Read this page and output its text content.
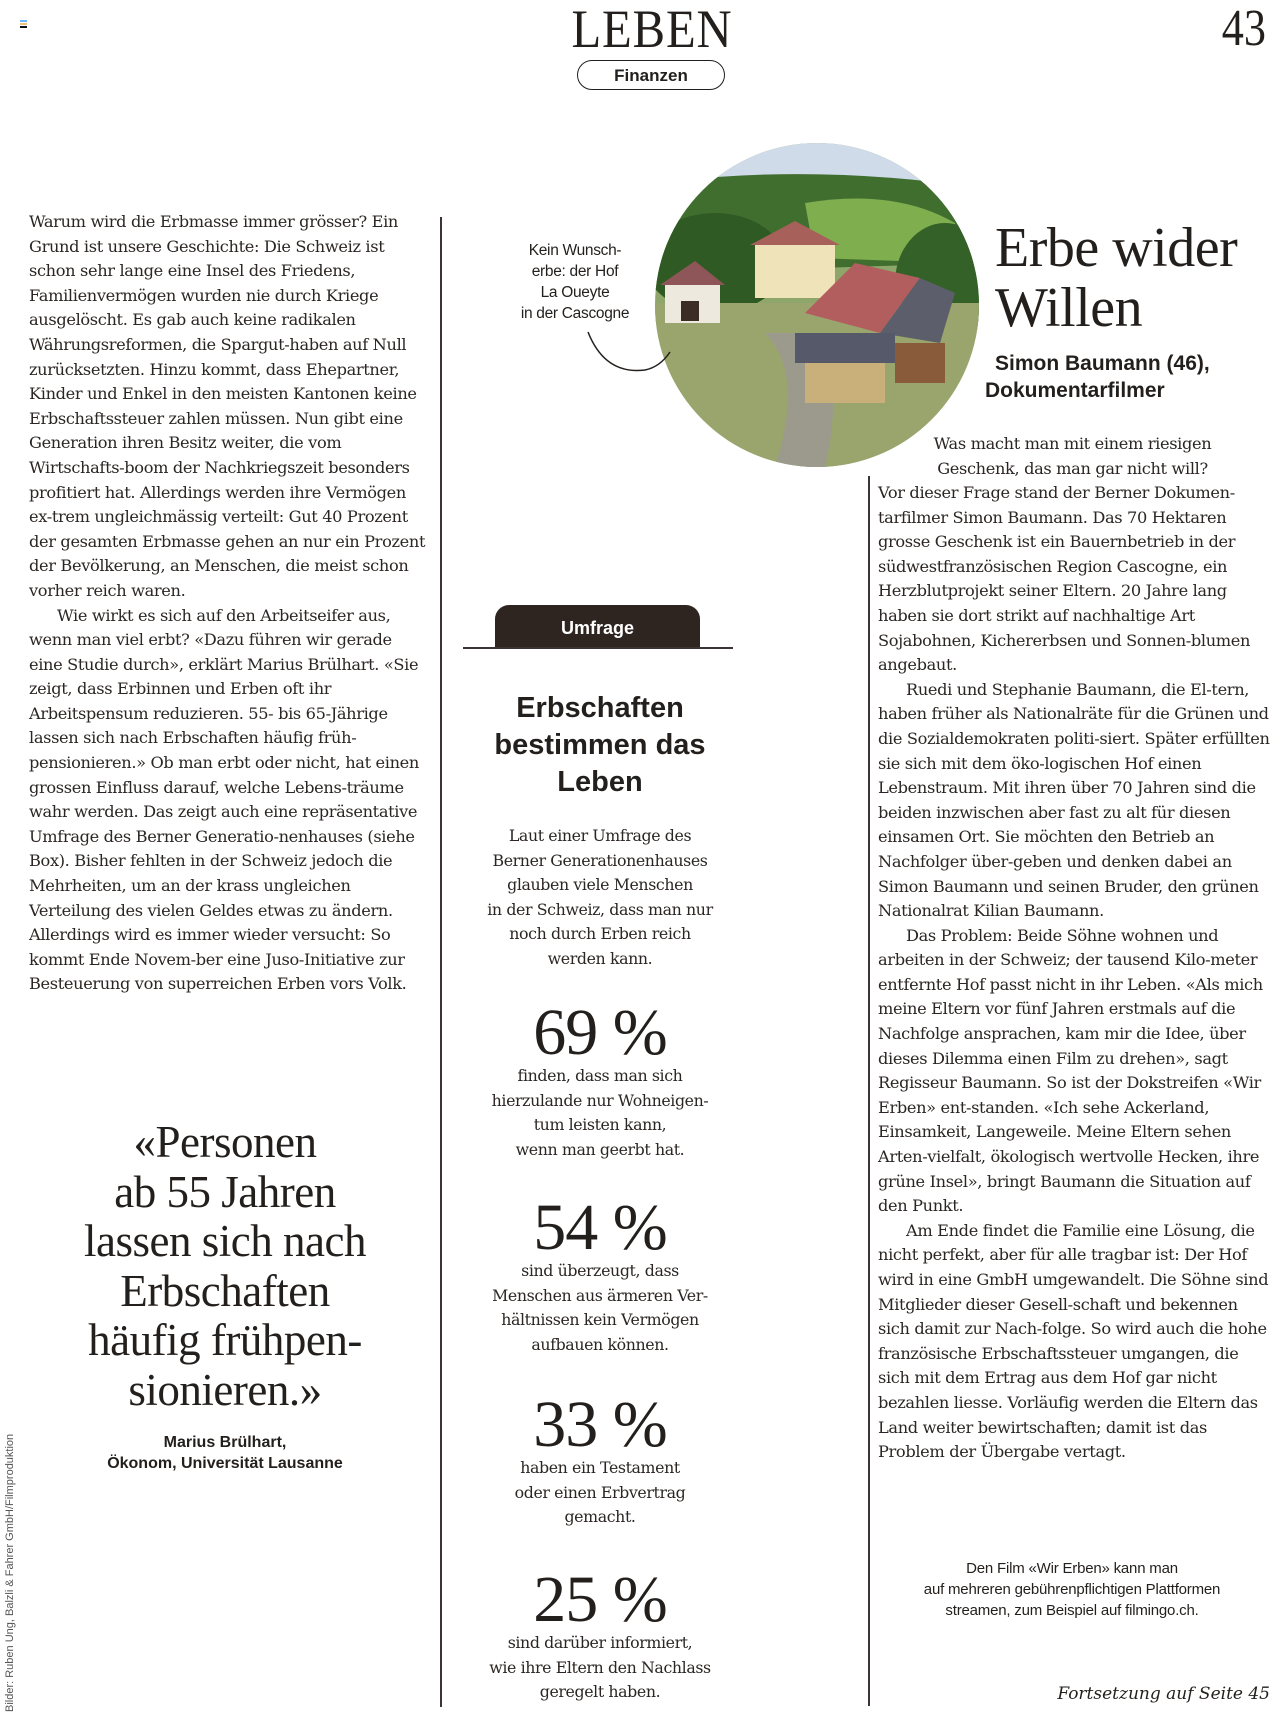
LEBEN	43
Finanzen

Warum wird die Erbmasse immer grösser? Ein Grund ist unsere Geschichte: Die Schweiz ist schon sehr lange eine Insel des Friedens, Familienvermögen wurden nie durch Kriege ausgelöscht. Es gab auch keine radikalen Währungsreformen, die Spargut-haben auf Null zurücksetzten. Hinzu kommt, dass Ehepartner, Kinder und Enkel in den meisten Kantonen keine Erbschaftssteuer zahlen müssen. Nun gibt eine Generation ihren Besitz weiter, die vom Wirtschafts-boom der Nachkriegszeit besonders profitiert hat. Allerdings werden ihre Vermögen ex-trem ungleichmässig verteilt: Gut 40 Prozent der gesamten Erbmasse gehen an nur ein Prozent der Bevölkerung, an Menschen, die meist schon vorher reich waren.

Wie wirkt es sich auf den Arbeitseifer aus, wenn man viel erbt? «Dazu führen wir gerade eine Studie durch», erklärt Marius Brülhart. «Sie zeigt, dass Erbinnen und Erben oft ihr Arbeitspensum reduzieren. 55- bis 65-Jährige lassen sich nach Erbschaften häufig früh-pensionieren.» Ob man erbt oder nicht, hat einen grossen Einfluss darauf, welche Lebens-träume wahr werden. Das zeigt auch eine repräsentative Umfrage des Berner Generatio-nenhauses (siehe Box). Bisher fehlten in der Schweiz jedoch die Mehrheiten, um an der krass ungleichen Verteilung des vielen Geldes etwas zu ändern. Allerdings wird es immer wieder versucht: So kommt Ende Novem-ber eine Juso-Initiative zur Besteuerung von superreichen Erben vors Volk.

«Personen
ab 55 Jahren
lassen sich nach
Erbschaften
häufig frühpen-
sionieren.»
Marius Brülhart,
Ökonom, Universität Lausanne
Bilder: Ruben Ung, Balzli & Fahrer GmbH/Filmproduktion
Kein Wunsch-
erbe: der Hof
La Oueyte
in der Cascogne
Erbe wider
Willen
Simon Baumann (46),
Dokumentarfilmer
Was macht man mit einem riesigen
Geschenk, das man gar nicht will?

Vor dieser Frage stand der Berner Dokumen-tarfilmer Simon Baumann. Das 70 Hektaren grosse Geschenk ist ein Bauernbetrieb in der südwestfranzösischen Region Cascogne, ein Herzblutprojekt seiner Eltern. 20 Jahre lang haben sie dort strikt auf nachhaltige Art Sojabohnen, Kichererbsen und Sonnen-blumen angebaut.

Ruedi und Stephanie Baumann, die El-tern, haben früher als Nationalräte für die Grünen und die Sozialdemokraten politi-siert. Später erfüllten sie sich mit dem öko-logischen Hof einen Lebenstraum. Mit ihren über 70 Jahren sind die beiden inzwischen aber fast zu alt für diesen einsamen Ort. Sie möchten den Betrieb an Nachfolger über-geben und denken dabei an Simon Baumann und seinen Bruder, den grünen Nationalrat Kilian Baumann.

Das Problem: Beide Söhne wohnen und arbeiten in der Schweiz; der tausend Kilo-meter entfernte Hof passt nicht in ihr Leben. «Als mich meine Eltern vor fünf Jahren erstmals auf die Nachfolge ansprachen, kam mir die Idee, über dieses Dilemma einen Film zu drehen», sagt Regisseur Baumann. So ist der Dokstreifen «Wir Erben» ent-standen. «Ich sehe Ackerland, Einsamkeit, Langeweile. Meine Eltern sehen Arten-vielfalt, ökologisch wertvolle Hecken, ihre grüne Insel», bringt Baumann die Situation auf den Punkt.

Am Ende findet die Familie eine Lösung, die nicht perfekt, aber für alle tragbar ist: Der Hof wird in eine GmbH umgewandelt. Die Söhne sind Mitglieder dieser Gesell-schaft und bekennen sich damit zur Nach-folge. So wird auch die hohe französische Erbschaftssteuer umgangen, die sich mit dem Ertrag aus dem Hof gar nicht bezahlen liesse. Vorläufig werden die Eltern das Land weiter bewirtschaften; damit ist das Problem der Übergabe vertagt.

Den Film «Wir Erben» kann man
auf mehreren gebührenpflichtigen Plattformen
streamen, zum Beispiel auf filmingo.ch.
Fortsetzung auf Seite 45
Umfrage
Erbschaften
bestimmen das
Leben
Laut einer Umfrage des
Berner Generationenhauses
glauben viele Menschen
in der Schweiz, dass man nur
noch durch Erben reich
werden kann.
69 %
finden, dass man sich
hierzulande nur Wohneigen-
tum leisten kann,
wenn man geerbt hat.
54 %
sind überzeugt, dass
Menschen aus ärmeren Ver-
hältnissen kein Vermögen
aufbauen können.
33 %
haben ein Testament
oder einen Erbvertrag
gemacht.
25 %
sind darüber informiert,
wie ihre Eltern den Nachlass
geregelt haben.
